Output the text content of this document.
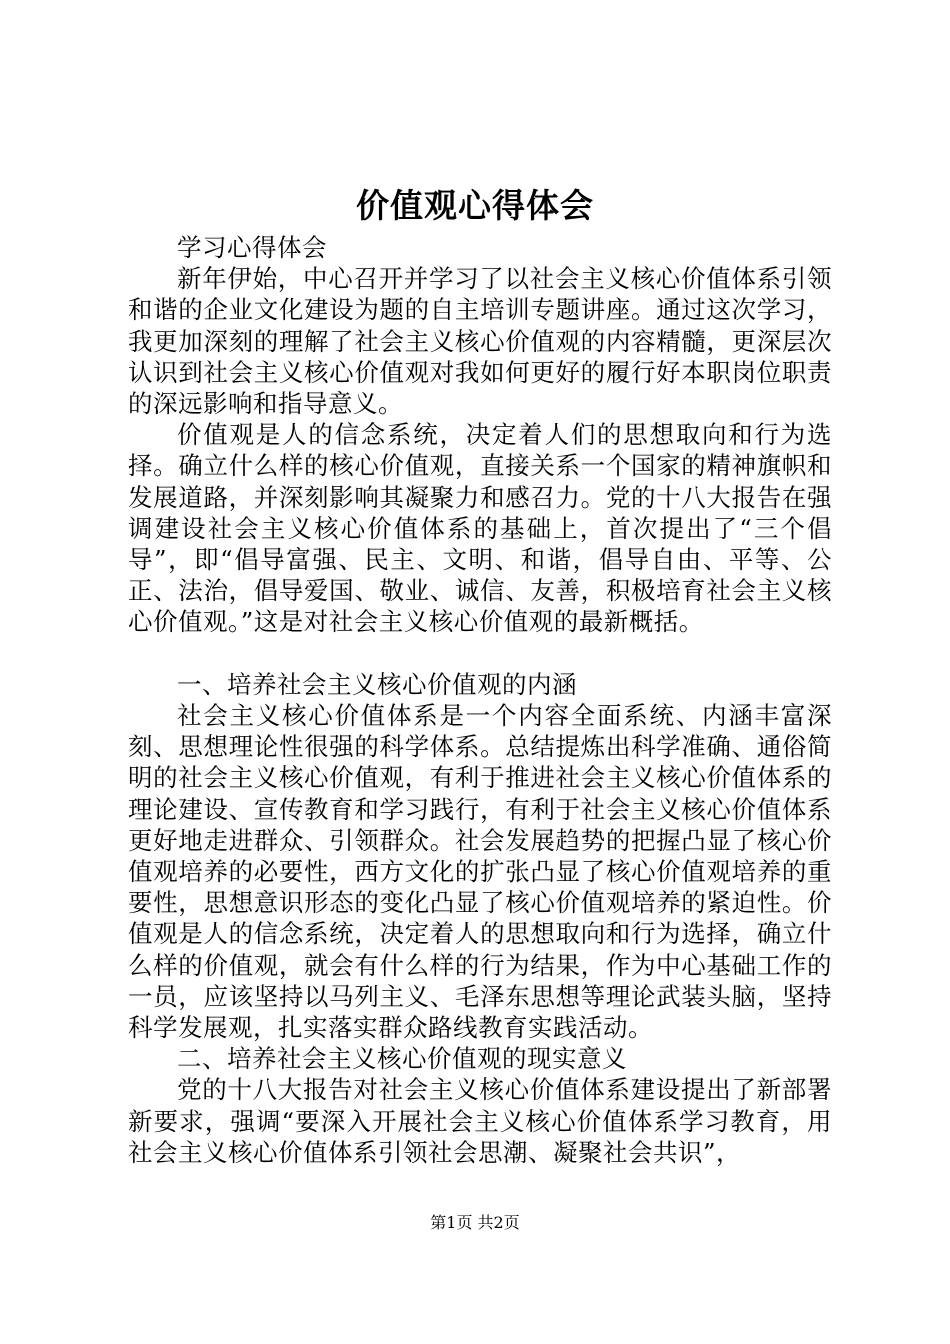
价值观心得体会

学习心得体会

新年伊始，中心召开并学习了以社会主义核心价值体系引领和谐的企业文化建设为题的自主培训专题讲座。通过这次学习，我更加深刻的理解了社会主义核心价值观的内容精髓，更深层次认识到社会主义核心价值观对我如何更好的履行好本职岗位职责的深远影响和指导意义。

价值观是人的信念系统，决定着人们的思想取向和行为选择。确立什么样的核心价值观，直接关系一个国家的精神旗帜和发展道路，并深刻影响其凝聚力和感召力。党的十八大报告在强调建设社会主义核心价值体系的基础上，首次提出了“三个倡导”，即“倡导富强、民主、文明、和谐，倡导自由、平等、公正、法治，倡导爱国、敬业、诚信、友善，积极培育社会主义核心价值观。”这是对社会主义核心价值观的最新概括。

一、培养社会主义核心价值观的内涵

社会主义核心价值体系是一个内容全面系统、内涵丰富深刻、思想理论性很强的科学体系。总结提炼出科学准确、通俗简明的社会主义核心价值观，有利于推进社会主义核心价值体系的理论建设、宣传教育和学习践行，有利于社会主义核心价值体系更好地走进群众、引领群众。社会发展趋势的把握凸显了核心价值观培养的必要性，西方文化的扩张凸显了核心价值观培养的重要性，思想意识形态的变化凸显了核心价值观培养的紧迫性。价值观是人的信念系统，决定着人的思想取向和行为选择，确立什么样的价值观，就会有什么样的行为结果，作为中心基础工作的一员，应该坚持以马列主义、毛泽东思想等理论武装头脑，坚持科学发展观，扎实落实群众路线教育实践活动。

二、培养社会主义核心价值观的现实意义

党的十八大报告对社会主义核心价值体系建设提出了新部署新要求，强调“要深入开展社会主义核心价值体系学习教育，用社会主义核心价值体系引领社会思潮、凝聚社会共识”，

第1页 共2页
